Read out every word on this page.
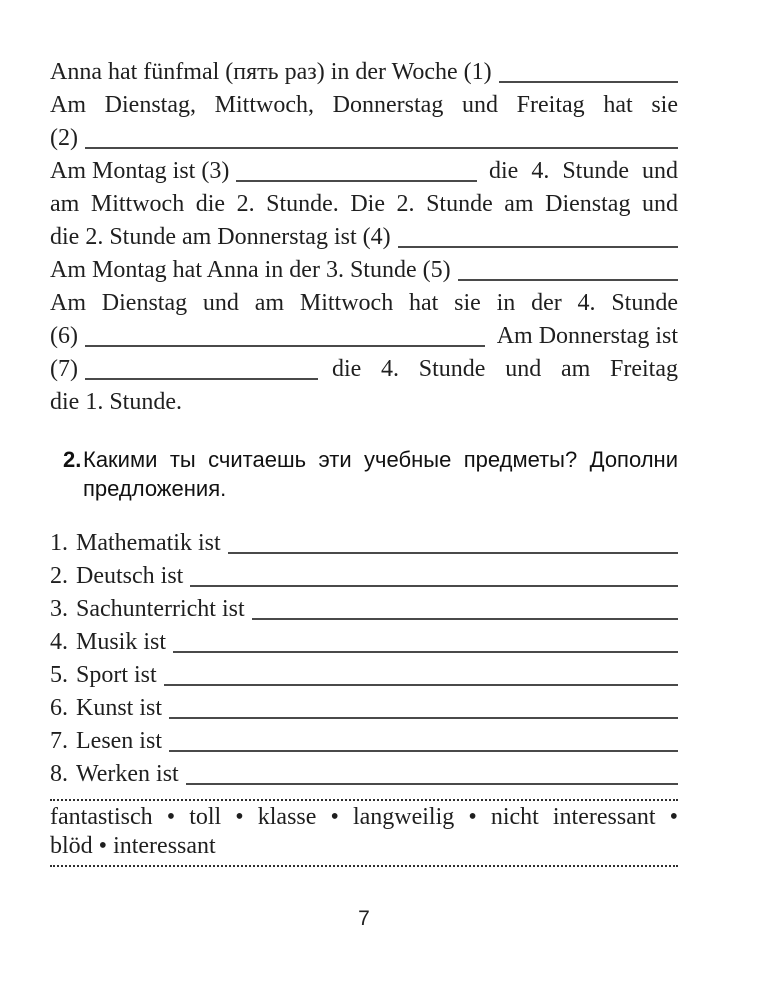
Anna hat fünfmal (пять раз) in der Woche (1)
Am Dienstag, Mittwoch, Donnerstag und Freitag hat sie
(2)
Am Montag ist (3)	die 4. Stunde und
am Mittwoch die 2. Stunde. Die 2. Stunde am Dienstag und
die 2. Stunde am Donnerstag ist (4)
Am Montag hat Anna in der 3. Stunde (5)
Am Dienstag und am Mittwoch hat sie in der 4. Stunde
(6)	Am Donnerstag ist
(7)	die 4. Stunde und am Freitag
die 1. Stunde.
2. Какими ты считаешь эти учебные предметы? Дополни предложения.
1. Mathematik ist
2. Deutsch ist
3. Sachunterricht ist
4. Musik ist
5. Sport ist
6. Kunst ist
7. Lesen ist
8. Werken ist
fantastisch • toll • klasse • langweilig • nicht interessant •
blöd • interessant
7
